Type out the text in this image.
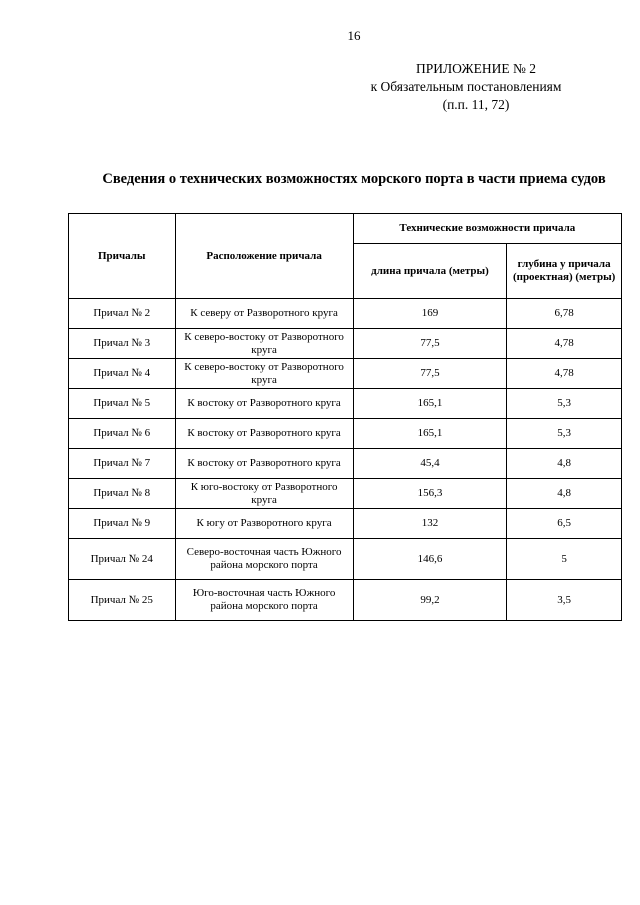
16
ПРИЛОЖЕНИЕ № 2
к Обязательным постановлениям
(п.п. 11, 72)
Сведения о технических возможностях морского порта в части приема судов
Причалы	Расположение причала	Технические возможности причала	
		длина причала (метры)	глубина у причала (проектная) (метры)
Причал № 2	К северу от Разворотного круга	169	6,78
Причал № 3	К северо-востоку от Разворотного круга	77,5	4,78
Причал № 4	К северо-востоку от Разворотного круга	77,5	4,78
Причал № 5	К востоку от Разворотного круга	165,1	5,3
Причал № 6	К востоку от Разворотного круга	165,1	5,3
Причал № 7	К востоку от Разворотного круга	45,4	4,8
Причал № 8	К юго-востоку от Разворотного круга	156,3	4,8
Причал № 9	К югу от Разворотного круга	132	6,5
Причал № 24	Северо-восточная часть Южного района морского порта	146,6	5
Причал № 25	Юго-восточная часть Южного района морского порта	99,2	3,5
